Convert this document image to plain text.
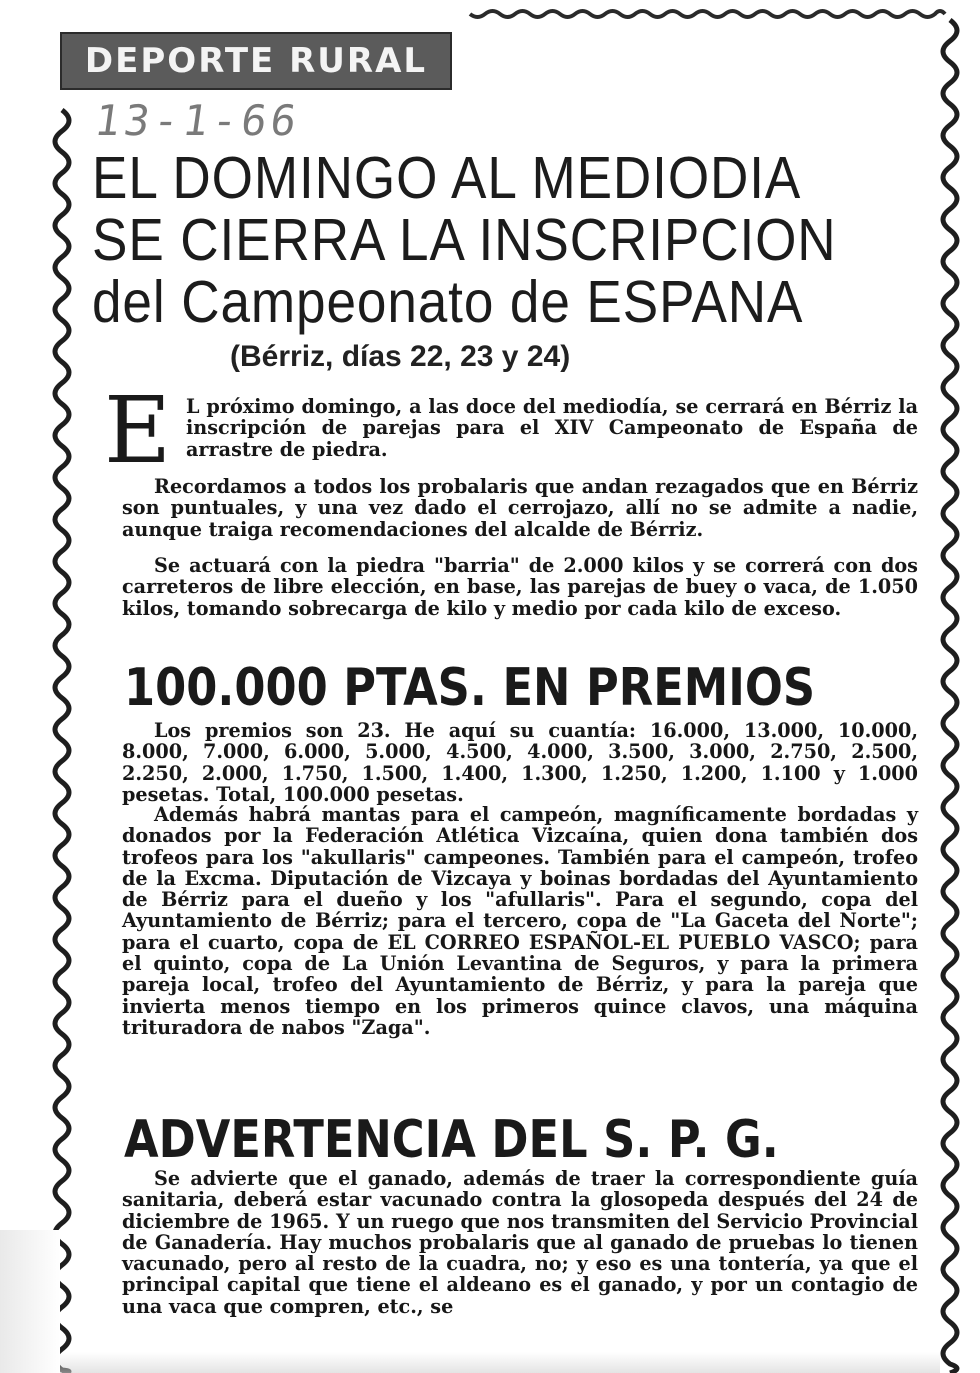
DEPORTE RURAL
13-1-66
EL DOMINGO AL MEDIODIA
SE CIERRA LA INSCRIPCION
del Campeonato de ESPANA
(Bérriz, días 22, 23 y 24)
E L próximo domingo, a las doce del mediodía, se cerrará en Bérriz la inscripción de parejas para el XIV Campeonato de España de arrastre de piedra.

Recordamos a todos los probalaris que andan rezagados que en Bérriz son puntuales, y una vez dado el cerrojazo, allí no se admite a nadie, aunque traiga recomendaciones del alcalde de Bérriz.

Se actuará con la piedra "barria" de 2.000 kilos y se correrá con dos carreteros de libre elección, en base, las parejas de buey o vaca, de 1.050 kilos, tomando sobrecarga de kilo y medio por cada kilo de exceso.

100.000 PTAS. EN PREMIOS

Los premios son 23. He aquí su cuantía: 16.000, 13.000, 10.000, 8.000, 7.000, 6.000, 5.000, 4.500, 4.000, 3.500, 3.000, 2.750, 2.500, 2.250, 2.000, 1.750, 1.500, 1.400, 1.300, 1.250, 1.200, 1.100 y 1.000 pesetas. Total, 100.000 pesetas.

Además habrá mantas para el campeón, magníficamente bordadas y donados por la Federación Atlética Vizcaína, quien dona también dos trofeos para los "akullaris" campeones. También para el campeón, trofeo de la Excma. Diputación de Vizcaya y boinas bordadas del Ayuntamiento de Bérriz para el dueño y los "afullaris". Para el segundo, copa del Ayuntamiento de Bérriz; para el tercero, copa de "La Gaceta del Norte"; para el cuarto, copa de EL CORREO ESPAÑOL-EL PUEBLO VASCO; para el quinto, copa de La Unión Levantina de Seguros, y para la primera pareja local, trofeo del Ayuntamiento de Bérriz, y para la pareja que invierta menos tiempo en los primeros quince clavos, una máquina trituradora de nabos "Zaga".

ADVERTENCIA DEL S. P. G.

Se advierte que el ganado, además de traer la correspondiente guía sanitaria, deberá estar vacunado contra la glosopeda después del 24 de diciembre de 1965. Y un ruego que nos transmiten del Servicio Provincial de Ganadería. Hay muchos probalaris que al ganado de pruebas lo tienen vacunado, pero al resto de la cuadra, no; y eso es una tontería, ya que el principal capital que tiene el aldeano es el ganado, y por un contagio de una vaca que compren, etc., se
